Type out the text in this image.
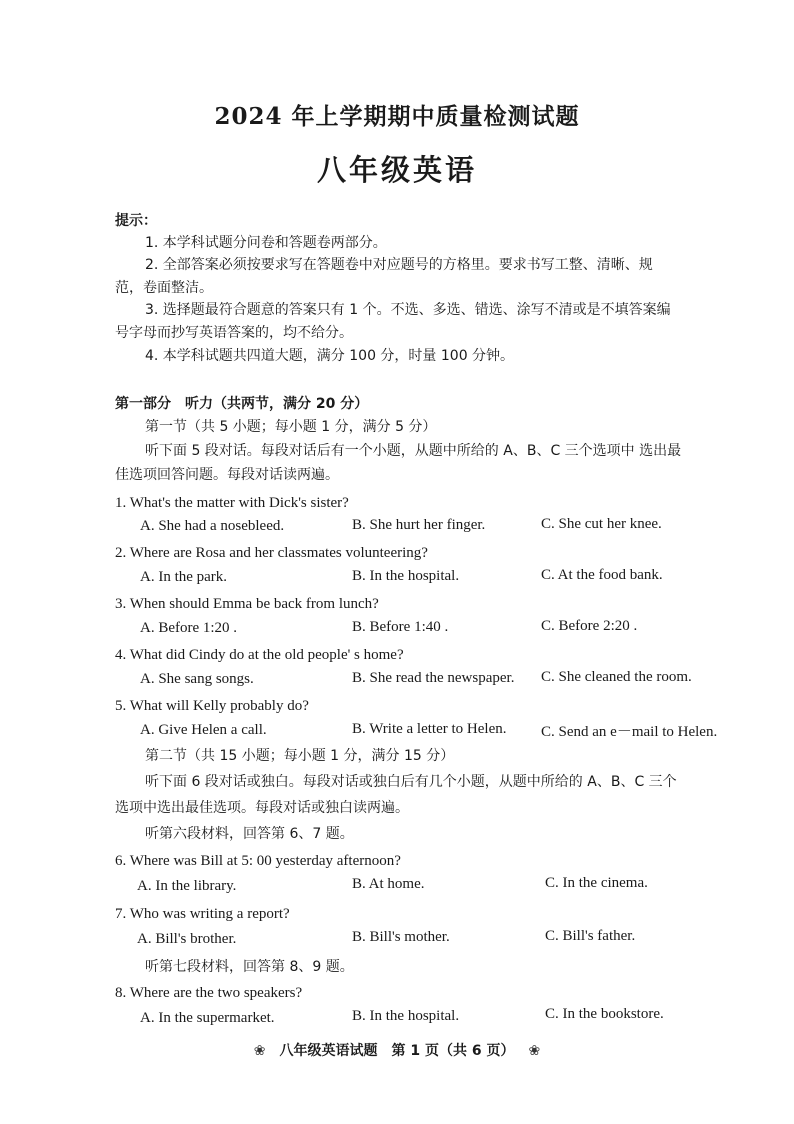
2024 年上学期期中质量检测试题
八年级英语
提示：
1. 本学科试题分问卷和答题卷两部分。
2. 全部答案必须按要求写在答题卷中对应题号的方格里。要求书写工整、清晰、规
范，卷面整洁。
3. 选择题最符合题意的答案只有 1 个。不选、多选、错选、涂写不清或是不填答案编
号字母而抄写英语答案的，均不给分。
4. 本学科试题共四道大题，满分 100 分，时量 100 分钟。
第一部分　听力（共两节，满分 20 分）
第一节（共 5 小题；每小题 1 分，满分 5 分）
听下面 5 段对话。每段对话后有一个小题，从题中所给的 A、B、C 三个选项中 选出最
佳选项回答问题。每段对话读两遍。
1. What's the matter with Dick's sister?
A. She had a nosebleed.	B. She hurt her finger.	C. She cut her knee.
2. Where are Rosa and her classmates volunteering?
A. In the park.	B. In the hospital.	C. At the food bank.
3. When should Emma be back from lunch?
A. Before 1:20 .	B. Before 1:40 .	C. Before 2:20 .
4. What did Cindy do at the old people' s home?
A. She sang songs.	B. She read the newspaper. C. She cleaned the room.
5. What will Kelly probably do?
A. Give Helen a call.	B. Write a letter to Helen. C. Send an e－mail to Helen.
第二节（共 15 小题；每小题 1 分，满分 15 分）
听下面 6 段对话或独白。每段对话或独白后有几个小题，从题中所给的 A、B、C 三个
选项中选出最佳选项。每段对话或独白读两遍。
听第六段材料，回答第 6、7 题。
6. Where was Bill at 5: 00 yesterday afternoon?
A. In the library.	B. At home.	C. In the cinema.
7. Who was writing a report?
A. Bill's brother.	B. Bill's mother.	C. Bill's father.
听第七段材料，回答第 8、9 题。
8. Where are the two speakers?
A. In the supermarket.	B. In the hospital.	C. In the bookstore.
❀ 八年级英语试题　第 1 页（共 6 页） ❀
